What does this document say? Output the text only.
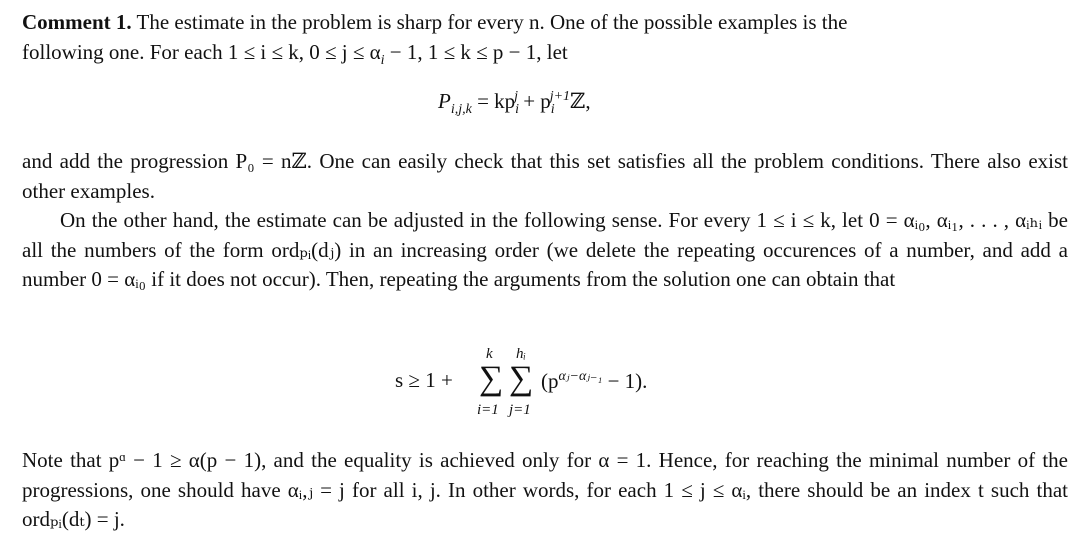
Comment 1. The estimate in the problem is sharp for every n. One of the possible examples is the
following one. For each 1 ≤ i ≤ k, $0 \le j \le \alpha_i - 1$, 1 ≤ k ≤ p − 1, let
$P_{i,j,k} = kp_i^j$ + $p_i^{j+1}ℤ$,
and add the progression P₀ = nℤ. One can easily check that this set satisfies all the problem conditions. There also exist other examples.
On the other hand, the estimate can be adjusted in the following sense. For every 1 ≤ i ≤ k, let 0 = αᵢ₀, αᵢ₁, . . . , αᵢₕᵢ be all the numbers of the form ordₚᵢ(dⱼ) in an increasing order (we delete the repeating occurences of a number, and add a number 0 = αᵢ₀ if it does not occur). Then, repeating the arguments from the solution one can obtain that
s ≥ 1 +
k
∑
i=1
hᵢ
∑
j=1
$(p^{\alpha ⱼ-\alpha ⱼ_{-1}} - 1)$.
Note that pᵅ − 1 ≥ α(p − 1), and the equality is achieved only for α = 1. Hence, for reaching the minimal number of the progressions, one should have αᵢ,ⱼ = j for all i, j. In other words, for each 1 ≤ j ≤ αᵢ, there should be an index t such that ordₚᵢ(dₜ) = j.
